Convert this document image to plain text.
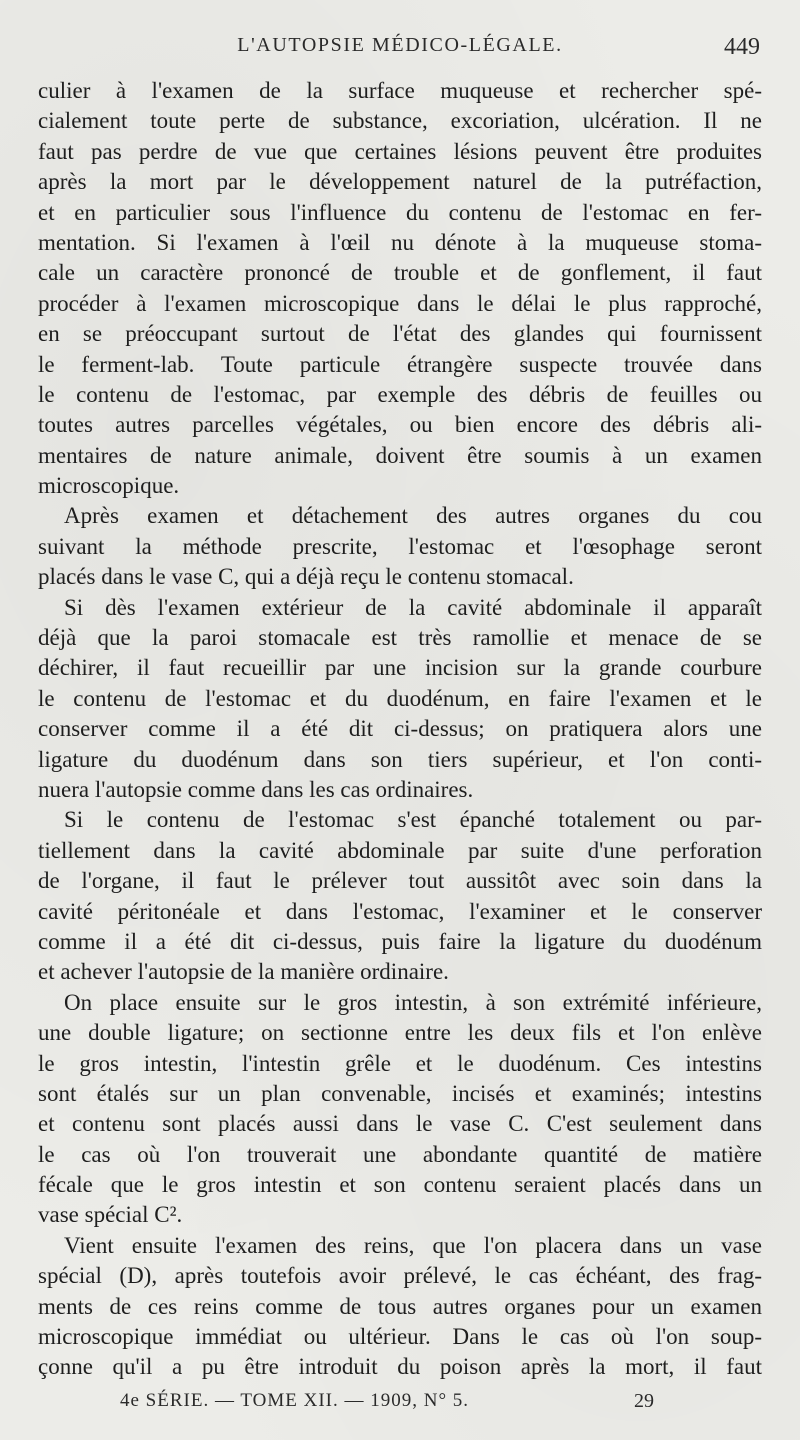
L'AUTOPSIE MÉDICO-LÉGALE.	449
culier à l'examen de la surface muqueuse et rechercher spé-
cialement toute perte de substance, excoriation, ulcération. Il ne
faut pas perdre de vue que certaines lésions peuvent être produites
après la mort par le développement naturel de la putréfaction,
et en particulier sous l'influence du contenu de l'estomac en fer-
mentation. Si l'examen à l'œil nu dénote à la muqueuse stoma-
cale un caractère prononcé de trouble et de gonflement, il faut
procéder à l'examen microscopique dans le délai le plus rapproché,
en se préoccupant surtout de l'état des glandes qui fournissent
le ferment-lab. Toute particule étrangère suspecte trouvée dans
le contenu de l'estomac, par exemple des débris de feuilles ou
toutes autres parcelles végétales, ou bien encore des débris ali-
mentaires de nature animale, doivent être soumis à un examen
microscopique.
Après examen et détachement des autres organes du cou
suivant la méthode prescrite, l'estomac et l'œsophage seront
placés dans le vase C, qui a déjà reçu le contenu stomacal.
Si dès l'examen extérieur de la cavité abdominale il apparaît
déjà que la paroi stomacale est très ramollie et menace de se
déchirer, il faut recueillir par une incision sur la grande courbure
le contenu de l'estomac et du duodénum, en faire l'examen et le
conserver comme il a été dit ci-dessus; on pratiquera alors une
ligature du duodénum dans son tiers supérieur, et l'on conti-
nuera l'autopsie comme dans les cas ordinaires.
Si le contenu de l'estomac s'est épanché totalement ou par-
tiellement dans la cavité abdominale par suite d'une perforation
de l'organe, il faut le prélever tout aussitôt avec soin dans la
cavité péritonéale et dans l'estomac, l'examiner et le conserver
comme il a été dit ci-dessus, puis faire la ligature du duodénum
et achever l'autopsie de la manière ordinaire.
On place ensuite sur le gros intestin, à son extrémité inférieure,
une double ligature; on sectionne entre les deux fils et l'on enlève
le gros intestin, l'intestin grêle et le duodénum. Ces intestins
sont étalés sur un plan convenable, incisés et examinés; intestins
et contenu sont placés aussi dans le vase C. C'est seulement dans
le cas où l'on trouverait une abondante quantité de matière
fécale que le gros intestin et son contenu seraient placés dans un
vase spécial C².
Vient ensuite l'examen des reins, que l'on placera dans un vase
spécial (D), après toutefois avoir prélevé, le cas échéant, des frag-
ments de ces reins comme de tous autres organes pour un examen
microscopique immédiat ou ultérieur. Dans le cas où l'on soup-
çonne qu'il a pu être introduit du poison après la mort, il faut
4e SÉRIE. — TOME XII. — 1909, N° 5.	29
